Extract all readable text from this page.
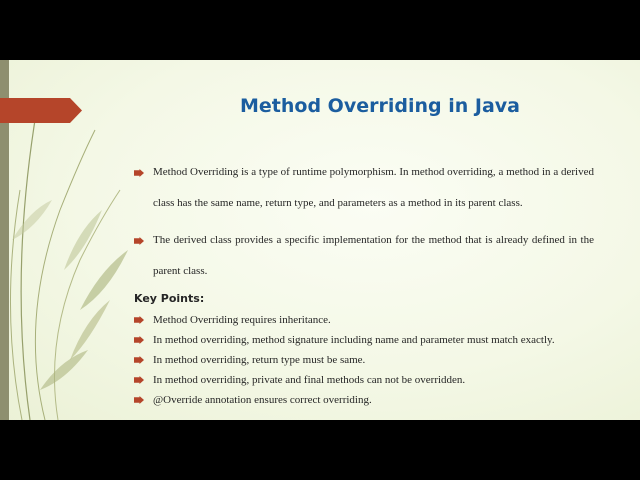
Method Overriding in Java
Method Overriding is a type of runtime polymorphism. In method overriding, a method in a derived class has the same name, return type, and parameters as a method in its parent class.
The derived class provides a specific implementation for the method that is already defined in the parent class.
Key Points:
Method Overriding requires inheritance.
In method overriding, method signature including name and parameter must match exactly.
In method overriding, return type must be same.
In method overriding, private and final methods can not be overridden.
@Override annotation ensures correct overriding.
